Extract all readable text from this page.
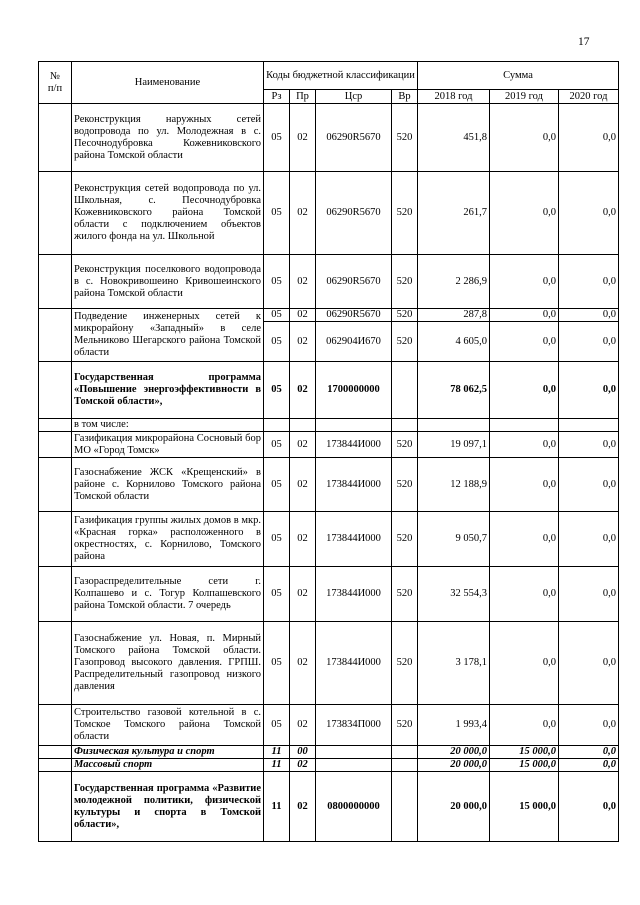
17
№
п/п	Наименование	Коды бюджетной классификации				Сумма		
		Рз	Пр	Цср	Вр	2018 год	2019 год	2020 год
	Реконструкция наружных сетей водопровода по ул. Молодежная в с. Песочнодубровка Кожевниковского района Томской области	05	02	06290R5670	520	451,8	0,0	0,0
	Реконструкция сетей водопровода по ул. Школьная, с. Песочнодубровка Кожевниковского района Томской области с подключением объектов жилого фонда на ул. Школьной	05	02	06290R5670	520	261,7	0,0	0,0
	Реконструкция поселкового водопровода в с. Новокривошеино Кривошеинского района Томской области	05	02	06290R5670	520	2 286,9	0,0	0,0
	Подведение инженерных сетей к микрорайону «Западный» в селе Мельниково Шегарского района Томской области	05	02	06290R5670	520	287,8	0,0	0,0
		05	02	062904И670	520	4 605,0	0,0	0,0
	Государственная программа «Повышение энергоэффективности в Томской области»,	05	02	1700000000		78 062,5	0,0	0,0
	в том числе:							
	Газификация микрорайона Сосновый бор МО «Город Томск»	05	02	173844И000	520	19 097,1	0,0	0,0
	Газоснабжение ЖСК «Крещенский» в районе с. Корнилово Томского района Томской области	05	02	173844И000	520	12 188,9	0,0	0,0
	Газификация группы жилых домов в мкр. «Красная горка» расположенного в окрестностях, с. Корнилово, Томского района	05	02	173844И000	520	9 050,7	0,0	0,0
	Газораспределительные сети г. Колпашево и с. Тогур Колпашевского района Томской области. 7 очередь	05	02	173844И000	520	32 554,3	0,0	0,0
	Газоснабжение ул. Новая, п. Мирный Томского района Томской области. Газопровод высокого давления. ГРПШ. Распределительный газопровод низкого давления	05	02	173844И000	520	3 178,1	0,0	0,0
	Строительство газовой котельной в с. Томское Томского района Томской области	05	02	173834П000	520	1 993,4	0,0	0,0
	Физическая культура и спорт	11	00			20 000,0	15 000,0	0,0
	Массовый спорт	11	02			20 000,0	15 000,0	0,0
	Государственная программа «Развитие молодежной политики, физической культуры и спорта в Томской области»,	11	02	0800000000		20 000,0	15 000,0	0,0
